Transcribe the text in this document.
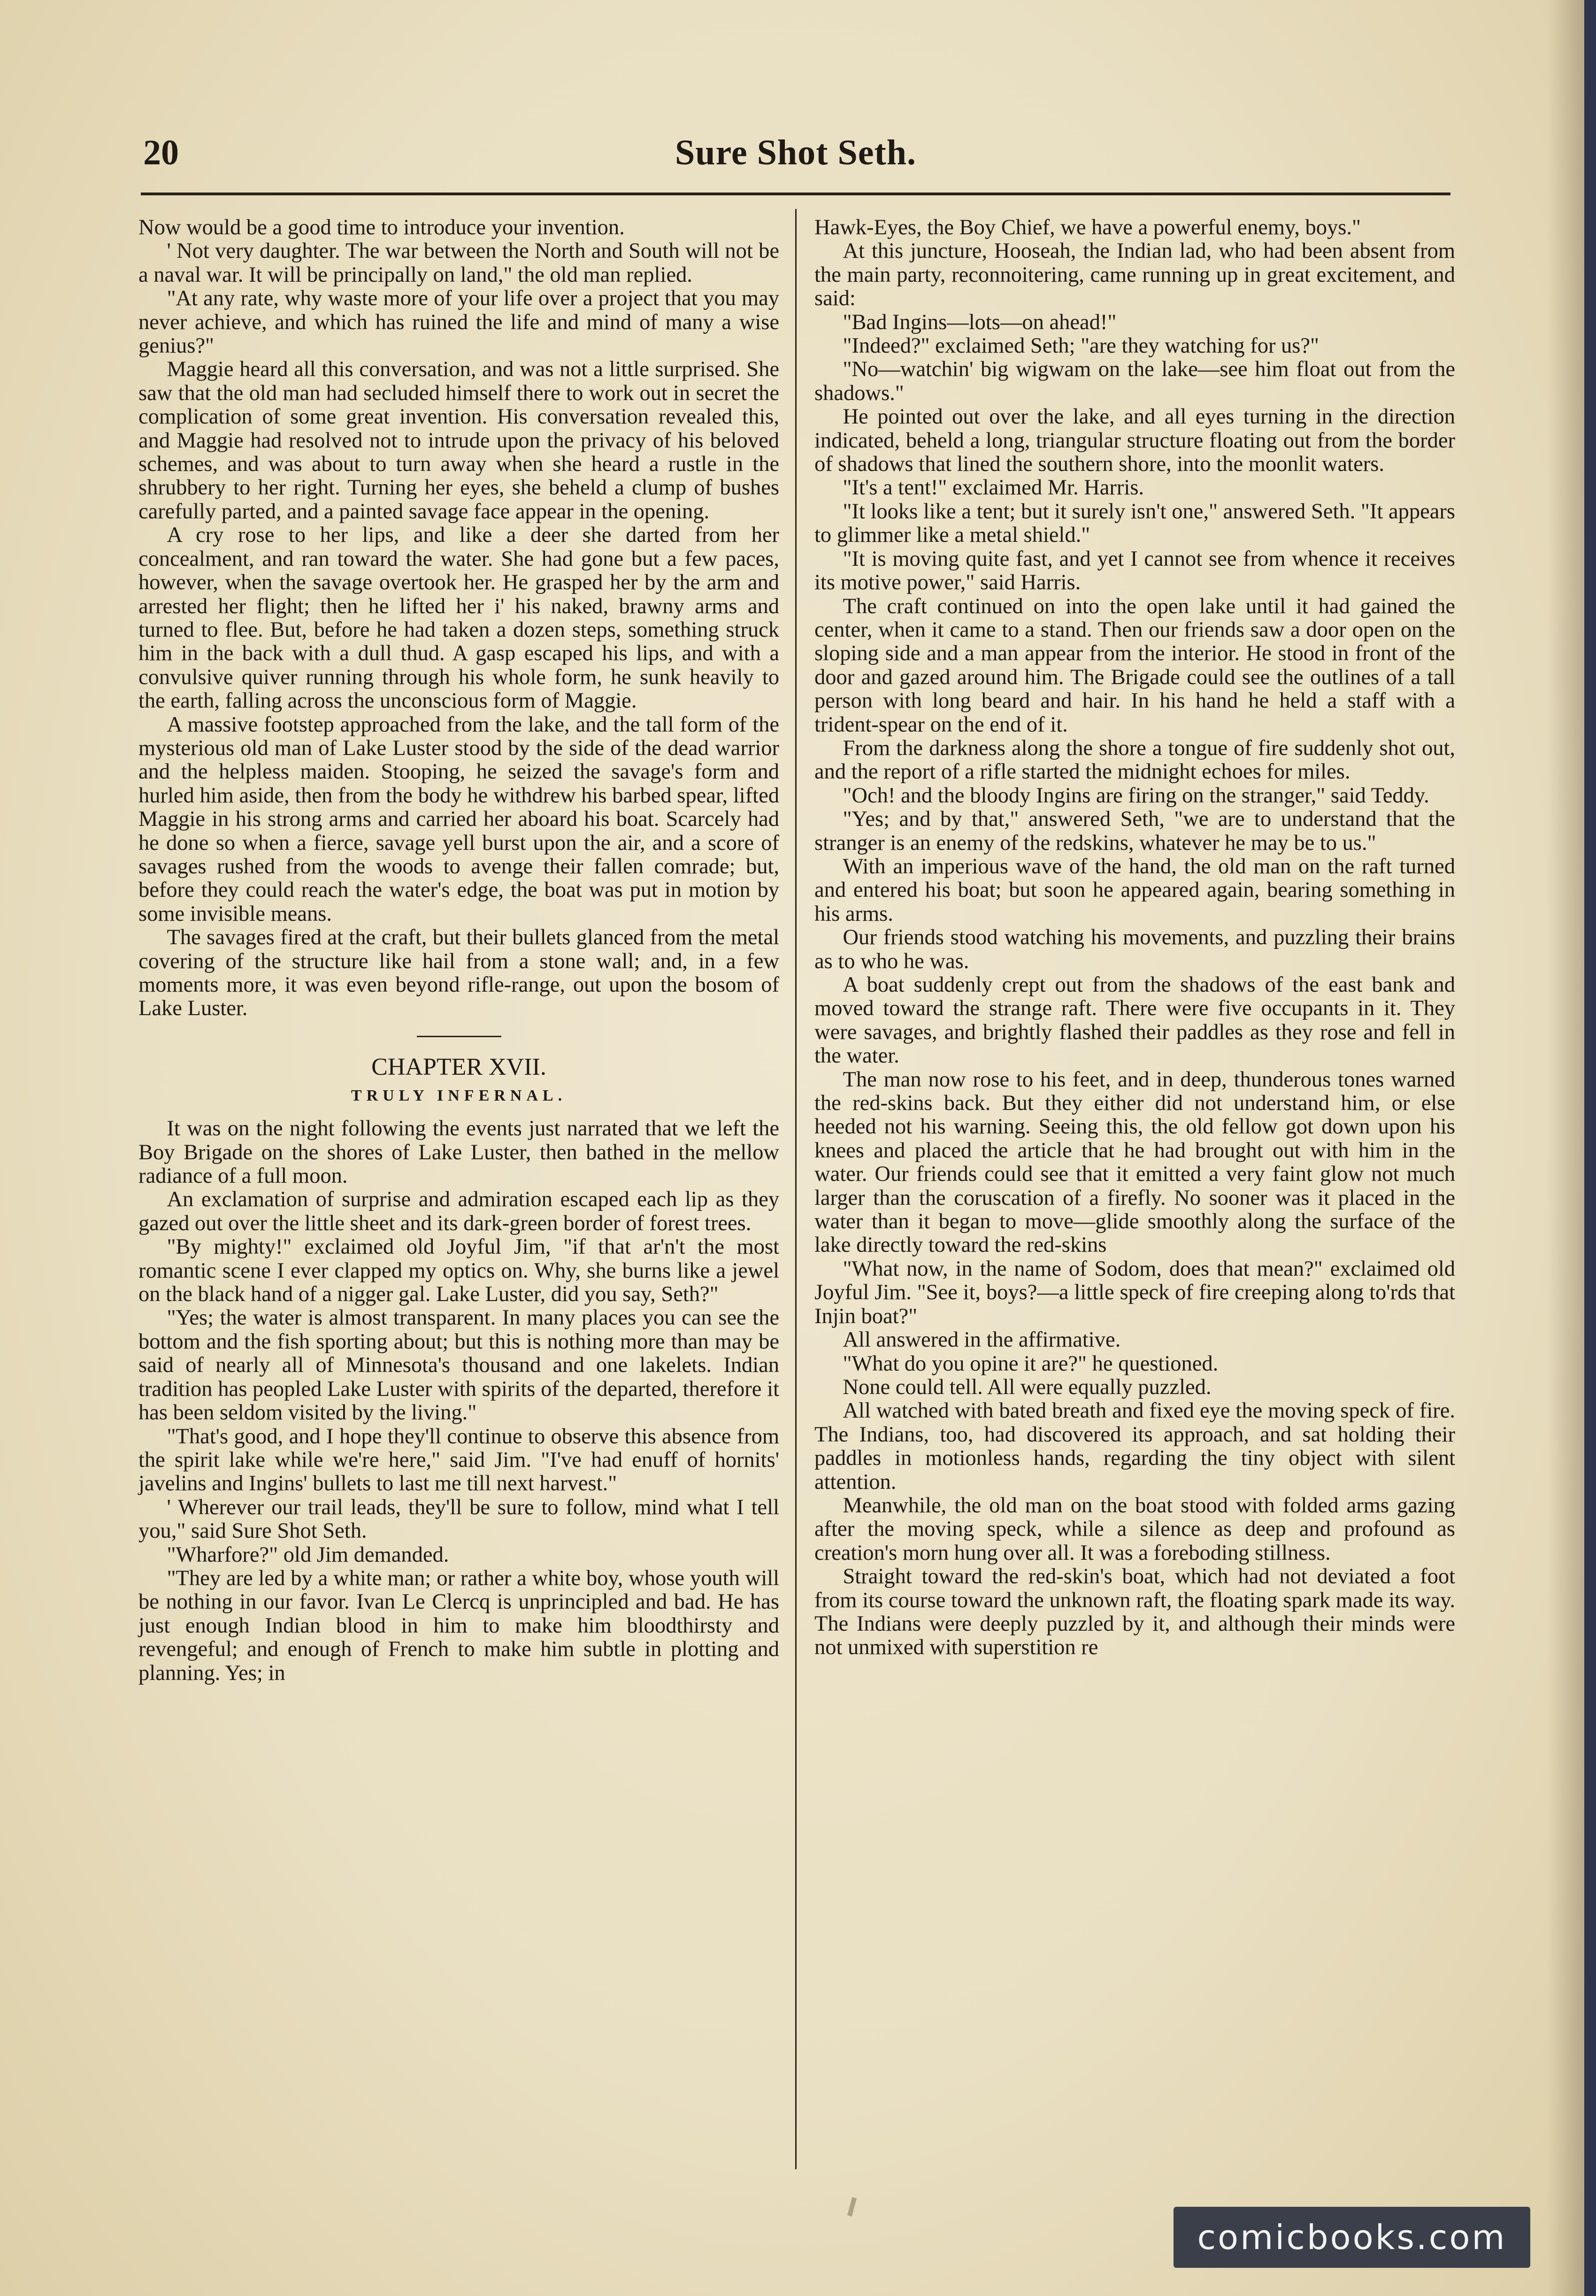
20	Sure Shot Seth.

Now would be a good time to introduce your invention.

' Not very daughter. The war between the North and South will not be a naval war. It will be principally on land," the old man replied.

"At any rate, why waste more of your life over a project that you may never achieve, and which has ruined the life and mind of many a wise genius?"

Maggie heard all this conversation, and was not a little surprised. She saw that the old man had secluded himself there to work out in secret the complication of some great invention. His conversation revealed this, and Maggie had resolved not to intrude upon the privacy of his beloved schemes, and was about to turn away when she heard a rustle in the shrubbery to her right. Turning her eyes, she beheld a clump of bushes carefully parted, and a painted savage face appear in the opening.

A cry rose to her lips, and like a deer she darted from her concealment, and ran toward the water. She had gone but a few paces, however, when the savage overtook her. He grasped her by the arm and arrested her flight; then he lifted her i' his naked, brawny arms and turned to flee. But, before he had taken a dozen steps, something struck him in the back with a dull thud. A gasp escaped his lips, and with a convulsive quiver running through his whole form, he sunk heavily to the earth, falling across the unconscious form of Maggie.

A massive footstep approached from the lake, and the tall form of the mysterious old man of Lake Luster stood by the side of the dead warrior and the helpless maiden. Stooping, he seized the savage's form and hurled him aside, then from the body he withdrew his barbed spear, lifted Maggie in his strong arms and carried her aboard his boat. Scarcely had he done so when a fierce, savage yell burst upon the air, and a score of savages rushed from the woods to avenge their fallen comrade; but, before they could reach the water's edge, the boat was put in motion by some invisible means.

The savages fired at the craft, but their bullets glanced from the metal covering of the structure like hail from a stone wall; and, in a few moments more, it was even beyond rifle-range, out upon the bosom of Lake Luster.

CHAPTER XVII.

TRULY INFERNAL.

It was on the night following the events just narrated that we left the Boy Brigade on the shores of Lake Luster, then bathed in the mellow radiance of a full moon.

An exclamation of surprise and admiration escaped each lip as they gazed out over the little sheet and its dark-green border of forest trees.

"By mighty!" exclaimed old Joyful Jim, "if that ar'n't the most romantic scene I ever clapped my optics on. Why, she burns like a jewel on the black hand of a nigger gal. Lake Luster, did you say, Seth?"

"Yes; the water is almost transparent. In many places you can see the bottom and the fish sporting about; but this is nothing more than may be said of nearly all of Minnesota's thousand and one lakelets. Indian tradition has peopled Lake Luster with spirits of the departed, therefore it has been seldom visited by the living."

"That's good, and I hope they'll continue to observe this absence from the spirit lake while we're here," said Jim. "I've had enuff of hornits' javelins and Ingins' bullets to last me till next harvest."

' Wherever our trail leads, they'll be sure to follow, mind what I tell you," said Sure Shot Seth.

"Wharfore?" old Jim demanded.

"They are led by a white man; or rather a white boy, whose youth will be nothing in our favor. Ivan Le Clercq is unprincipled and bad. He has just enough Indian blood in him to make him bloodthirsty and revengeful; and enough of French to make him subtle in plotting and planning. Yes; in

Hawk-Eyes, the Boy Chief, we have a powerful enemy, boys."

At this juncture, Hooseah, the Indian lad, who had been absent from the main party, reconnoitering, came running up in great excitement, and said:

"Bad Ingins—lots—on ahead!"

"Indeed?" exclaimed Seth; "are they watching for us?"

"No—watchin' big wigwam on the lake—see him float out from the shadows."

He pointed out over the lake, and all eyes turning in the direction indicated, beheld a long, triangular structure floating out from the border of shadows that lined the southern shore, into the moonlit waters.

"It's a tent!" exclaimed Mr. Harris.

"It looks like a tent; but it surely isn't one," answered Seth. "It appears to glimmer like a metal shield."

"It is moving quite fast, and yet I cannot see from whence it receives its motive power," said Harris.

The craft continued on into the open lake until it had gained the center, when it came to a stand. Then our friends saw a door open on the sloping side and a man appear from the interior. He stood in front of the door and gazed around him. The Brigade could see the outlines of a tall person with long beard and hair. In his hand he held a staff with a trident-spear on the end of it.

From the darkness along the shore a tongue of fire suddenly shot out, and the report of a rifle started the midnight echoes for miles.

"Och! and the bloody Ingins are firing on the stranger," said Teddy.

"Yes; and by that," answered Seth, "we are to understand that the stranger is an enemy of the redskins, whatever he may be to us."

With an imperious wave of the hand, the old man on the raft turned and entered his boat; but soon he appeared again, bearing something in his arms.

Our friends stood watching his movements, and puzzling their brains as to who he was.

A boat suddenly crept out from the shadows of the east bank and moved toward the strange raft. There were five occupants in it. They were savages, and brightly flashed their paddles as they rose and fell in the water.

The man now rose to his feet, and in deep, thunderous tones warned the red-skins back. But they either did not understand him, or else heeded not his warning. Seeing this, the old fellow got down upon his knees and placed the article that he had brought out with him in the water. Our friends could see that it emitted a very faint glow not much larger than the coruscation of a firefly. No sooner was it placed in the water than it began to move—glide smoothly along the surface of the lake directly toward the red-skins

"What now, in the name of Sodom, does that mean?" exclaimed old Joyful Jim. "See it, boys?—a little speck of fire creeping along to'rds that Injin boat?"

All answered in the affirmative.

"What do you opine it are?" he questioned.

None could tell. All were equally puzzled.

All watched with bated breath and fixed eye the moving speck of fire. The Indians, too, had discovered its approach, and sat holding their paddles in motionless hands, regarding the tiny object with silent attention.

Meanwhile, the old man on the boat stood with folded arms gazing after the moving speck, while a silence as deep and profound as creation's morn hung over all. It was a foreboding stillness.

Straight toward the red-skin's boat, which had not deviated a foot from its course toward the unknown raft, the floating spark made its way. The Indians were deeply puzzled by it, and although their minds were not unmixed with superstition re

comicbooks.com
